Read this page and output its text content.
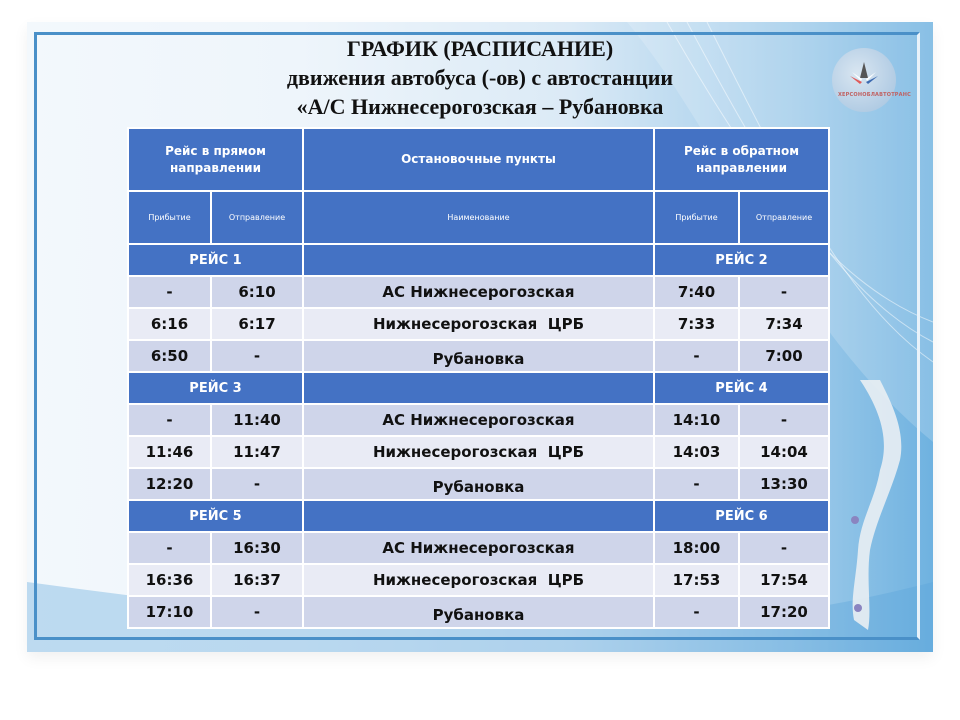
ХЕРСОНОБЛАВТОТРАНС
ГРАФИК (РАСПИСАНИЕ)
движения автобуса (-ов) с автостанции
«А/С Нижнесерогозская – Рубановка
Рейс в прямом направлении		Остановочные пункты	Рейс в обратном направлении	
Прибытие	Отправление	Наименование	Прибытие	Отправление
РЕЙС 1			РЕЙС 2	
-	6:10	АС Нижнесерогозская	7:40	-
6:16	6:17	Нижнесерогозская  ЦРБ	7:33	7:34
6:50	-	Рубановка	-	7:00
РЕЙС 3			РЕЙС 4	
-	11:40	АС Нижнесерогозская	14:10	-
11:46	11:47	Нижнесерогозская  ЦРБ	14:03	14:04
12:20	-	Рубановка	-	13:30
РЕЙС 5			РЕЙС 6	
-	16:30	АС Нижнесерогозская	18:00	-
16:36	16:37	Нижнесерогозская  ЦРБ	17:53	17:54
17:10	-	Рубановка	-	17:20
